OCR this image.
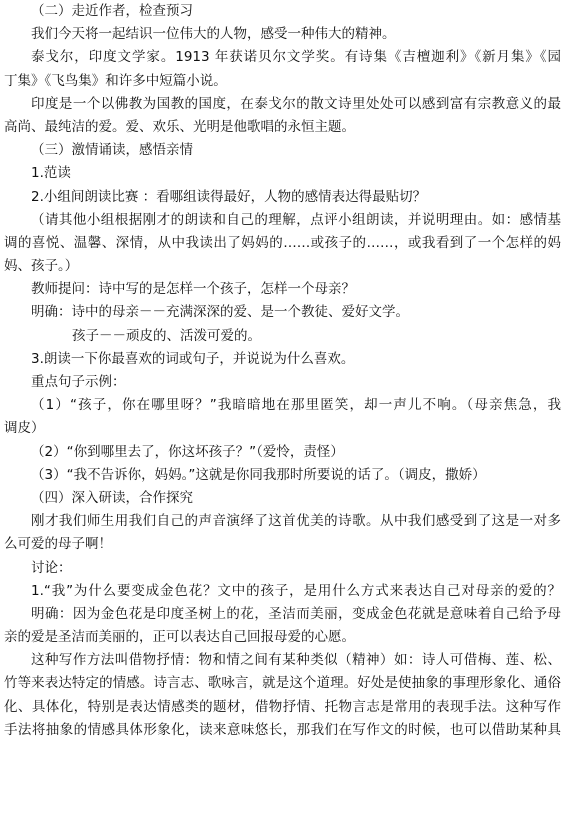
（二）走近作者，检查预习
我们今天将一起结识一位伟大的人物，感受一种伟大的精神。
泰戈尔，印度文学家。1913 年获诺贝尔文学奖。有诗集《吉檀迦利》《新月集》《园
丁集》《飞鸟集》和许多中短篇小说。
印度是一个以佛教为国教的国度，在泰戈尔的散文诗里处处可以感到富有宗教意义的最
高尚、最纯洁的爱。爱、欢乐、光明是他歌唱的永恒主题。
（三）激情诵读，感悟亲情
1.范读
2.小组间朗读比赛 ：看哪组读得最好，人物的感情表达得最贴切？
（请其他小组根据刚才的朗读和自己的理解，点评小组朗读，并说明理由。如：感情基
调的喜悦、温馨、深情，从中我读出了妈妈的……或孩子的……，或我看到了一个怎样的妈
妈、孩子。）
教师提问：诗中写的是怎样一个孩子，怎样一个母亲？
明确：诗中的母亲－－充满深深的爱、是一个教徒、爱好文学。
孩子－－顽皮的、活泼可爱的。
3.朗读一下你最喜欢的词或句子，并说说为什么喜欢。
重点句子示例：
（1）“孩子，你在哪里呀？”我暗暗地在那里匿笑，却一声儿不响。（母亲焦急，我
调皮）
（2）“你到哪里去了，你这坏孩子？”（爱怜，责怪）
（3）“我不告诉你，妈妈。”这就是你同我那时所要说的话了。（调皮，撒娇）
（四）深入研读，合作探究
刚才我们师生用我们自己的声音演绎了这首优美的诗歌。从中我们感受到了这是一对多
么可爱的母子啊！
讨论：
1.“我”为什么要变成金色花？文中的孩子，是用什么方式来表达自己对母亲的爱的？
明确：因为金色花是印度圣树上的花，圣洁而美丽，变成金色花就是意味着自己给予母
亲的爱是圣洁而美丽的，正可以表达自己回报母爱的心愿。
这种写作方法叫借物抒情：物和情之间有某种类似（精神）如：诗人可借梅、莲、松、
竹等来表达特定的情感。诗言志、歌咏言，就是这个道理。好处是使抽象的事理形象化、通俗
化、具体化，特别是表达情感类的题材，借物抒情、托物言志是常用的表现手法。这种写作
手法将抽象的情感具体形象化，读来意味悠长，那我们在写作文的时候，也可以借助某种具
